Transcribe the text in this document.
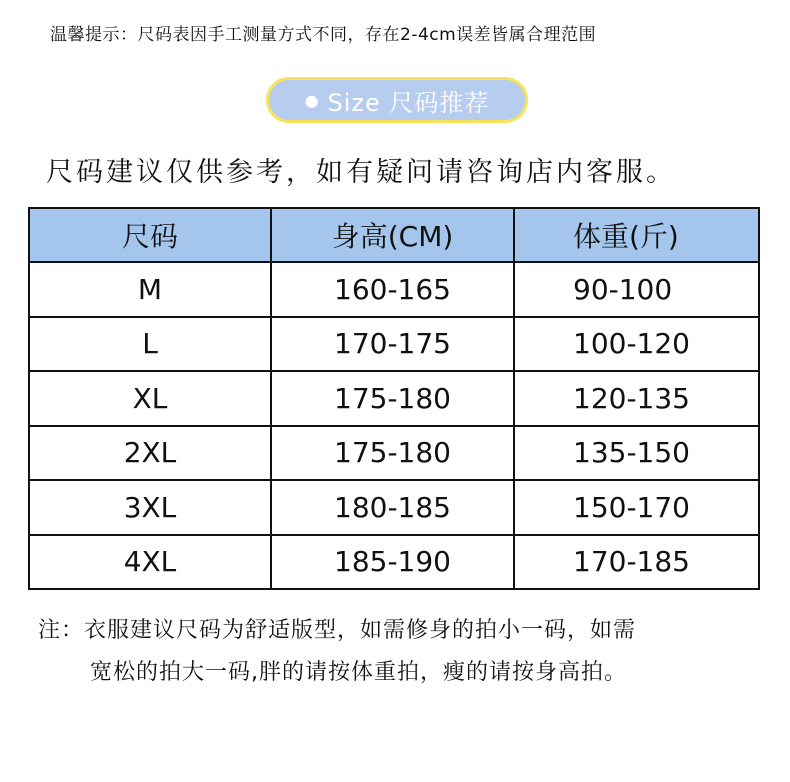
温馨提示：尺码表因手工测量方式不同，存在2-4cm误差皆属合理范围
● Size 尺码推荐
尺码建议仅供参考，如有疑问请咨询店内客服。
尺码	身高(CM)	体重(斤)
M	160-165	90-100
L	170-175	100-120
XL	175-180	120-135
2XL	175-180	135-150
3XL	180-185	150-170
4XL	185-190	170-185
注：衣服建议尺码为舒适版型，如需修身的拍小一码，如需
宽松的拍大一码,胖的请按体重拍，瘦的请按身高拍。
